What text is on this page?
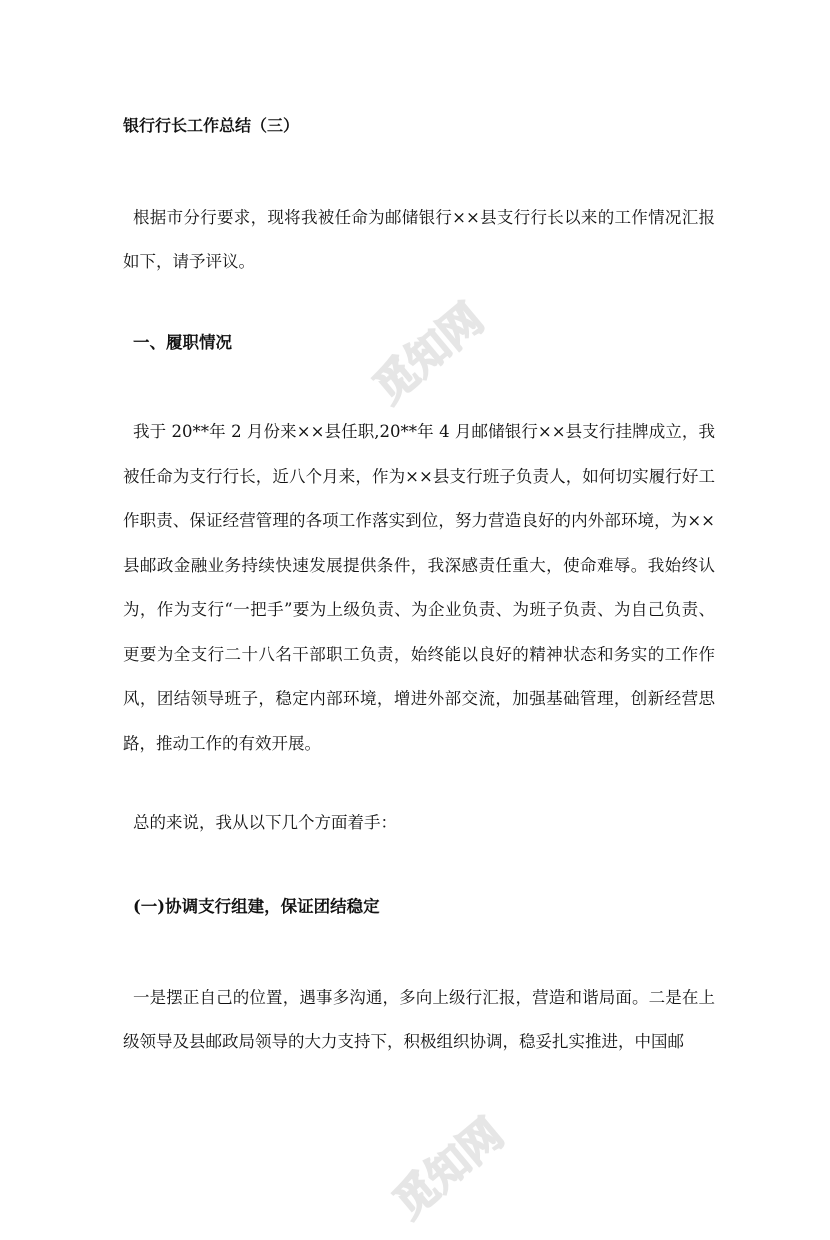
觅知网
觅知网
银行行长工作总结（三）
根据市分行要求，现将我被任命为邮储银行××县支行行长以来的工作情况汇报如下，请予评议。
一、履职情况
我于 20**年 2 月份来××县任职,20**年 4 月邮储银行××县支行挂牌成立，我被任命为支行行长，近八个月来，作为××县支行班子负责人，如何切实履行好工作职责、保证经营管理的各项工作落实到位，努力营造良好的内外部环境，为××县邮政金融业务持续快速发展提供条件，我深感责任重大，使命难辱。我始终认为，作为支行“一把手”要为上级负责、为企业负责、为班子负责、为自己负责、更要为全支行二十八名干部职工负责，始终能以良好的精神状态和务实的工作作风，团结领导班子，稳定内部环境，增进外部交流，加强基础管理，创新经营思路，推动工作的有效开展。
总的来说，我从以下几个方面着手：
(一)协调支行组建，保证团结稳定
一是摆正自己的位置，遇事多沟通，多向上级行汇报，营造和谐局面。二是在上级领导及县邮政局领导的大力支持下，积极组织协调，稳妥扎实推进，中国邮
